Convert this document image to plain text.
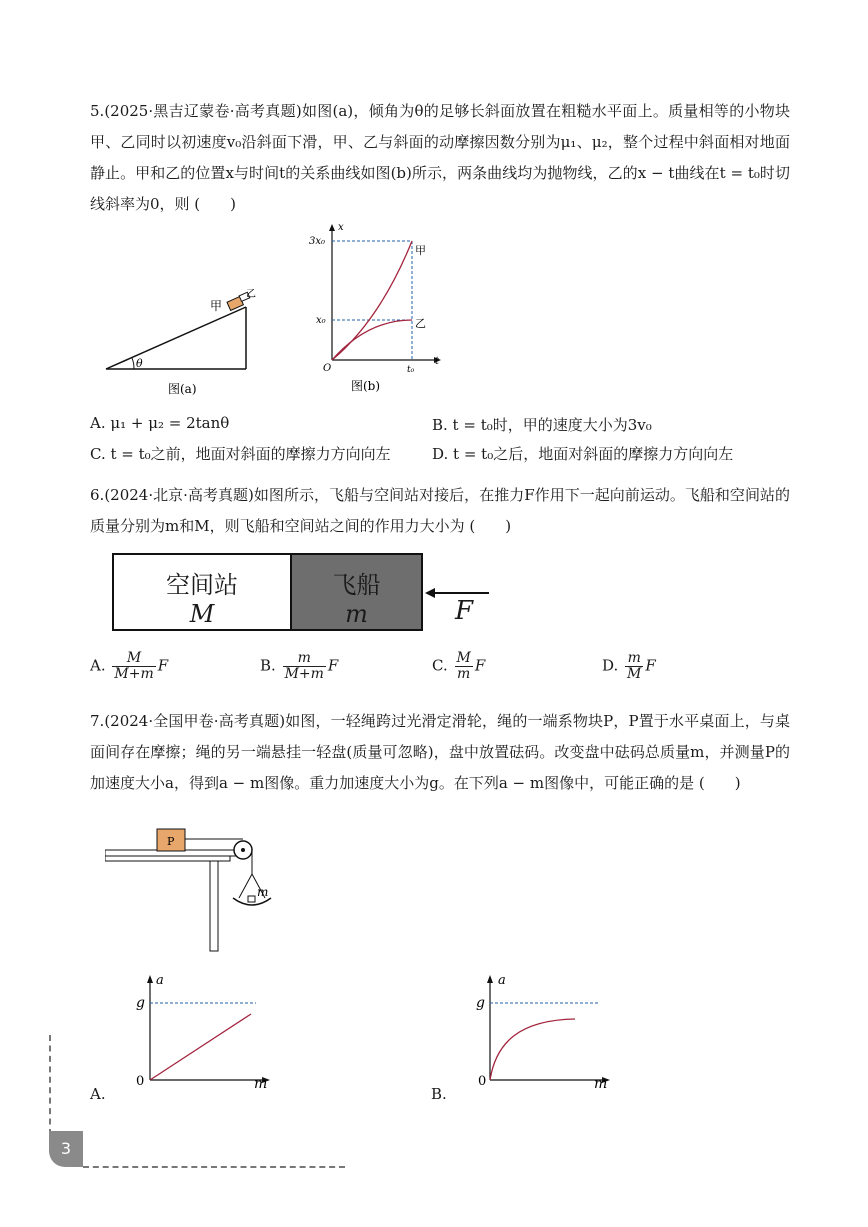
5.(2025·黑吉辽蒙卷·高考真题)如图(a)，倾角为θ的足够长斜面放置在粗糙水平面上。质量相等的小物块甲、乙同时以初速度v₀沿斜面下滑，甲、乙与斜面的动摩擦因数分别为μ₁、μ₂，整个过程中斜面相对地面静止。甲和乙的位置x与时间t的关系曲线如图(b)所示，两条曲线均为抛物线，乙的x − t曲线在t = t₀时切线斜率为0，则 (　　)

θ
甲
乙
图(a)
x
t
O
3x₀
x₀
t₀
甲
乙
图(b)
A. μ₁ + μ₂ = 2tanθ	B. t = t₀时，甲的速度大小为3v₀
C. t = t₀之前，地面对斜面的摩擦力方向向左	D. t = t₀之后，地面对斜面的摩擦力方向向左

6.(2024·北京·高考真题)如图所示，飞船与空间站对接后，在推力F作用下一起向前运动。飞船和空间站的质量分别为m和M，则飞船和空间站之间的作用力大小为 (　　)

空间站
M
飞船
m	F
A. $\frac{M}{M+m}$ F	B. $\frac{m}{M+m}$ F	C. $\frac{M}{m}$ F	D. $\frac{m}{M}$ F

7.(2024·全国甲卷·高考真题)如图，一轻绳跨过光滑定滑轮，绳的一端系物块P，P置于水平桌面上，与桌面间存在摩擦；绳的另一端悬挂一轻盘(质量可忽略)，盘中放置砝码。改变盘中砝码总质量m，并测量P的加速度大小a，得到a − m图像。重力加速度大小为g。在下列a − m图像中，可能正确的是 (　　)

P
m
a
m
g
0
A.
a
m
g
0
B.
3
